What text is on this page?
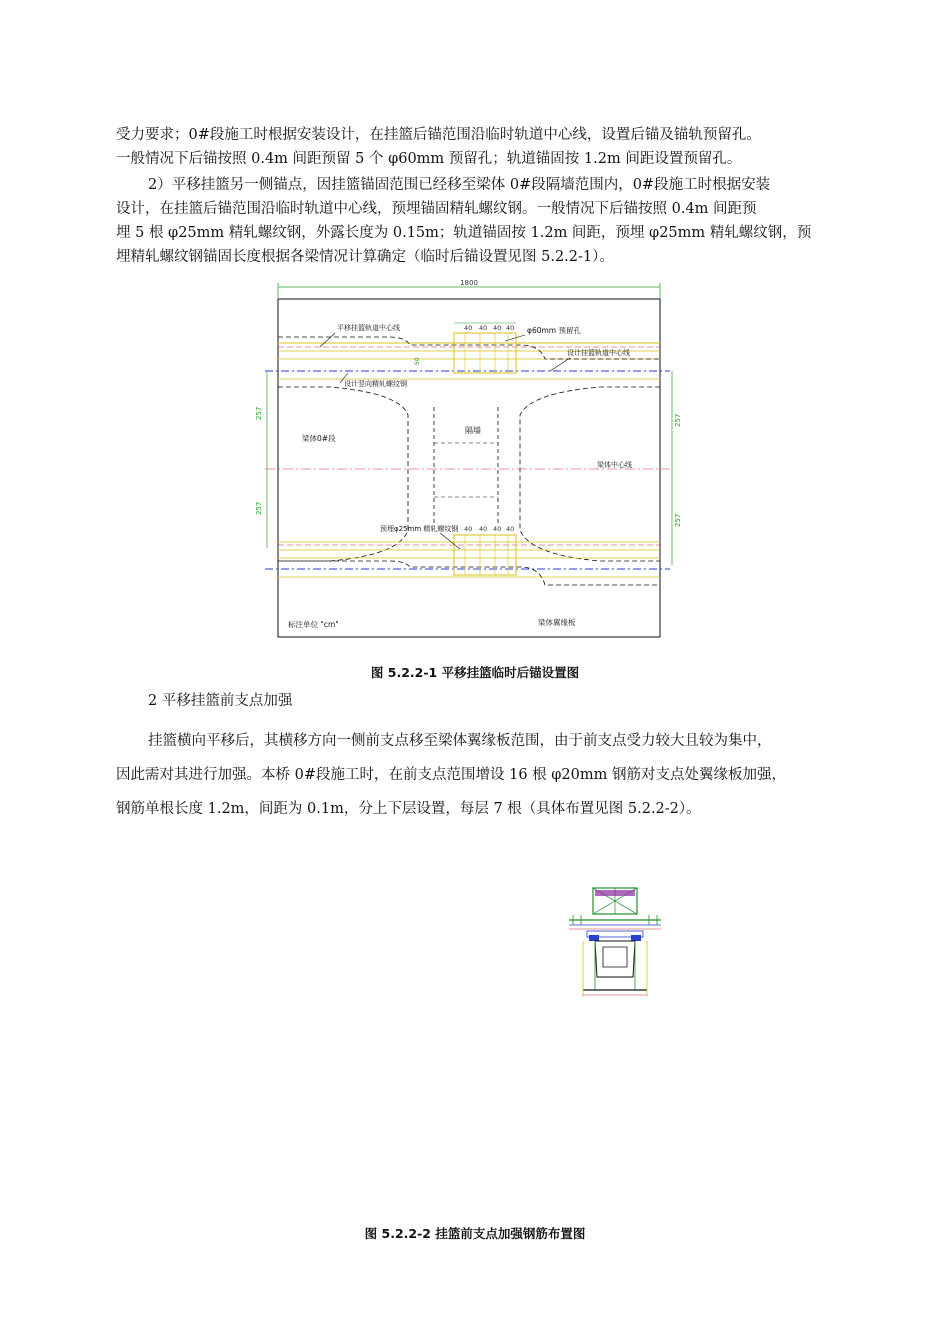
受力要求；0#段施工时根据安装设计，在挂篮后锚范围沿临时轨道中心线，设置后锚及锚轨预留孔。
一般情况下后锚按照 0.4m 间距预留 5 个 φ60mm 预留孔；轨道锚固按 1.2m 间距设置预留孔。
2）平移挂篮另一侧锚点，因挂篮锚固范围已经移至梁体 0#段隔墙范围内，0#段施工时根据安装
设计，在挂篮后锚范围沿临时轨道中心线，预埋锚固精轧螺纹钢。一般情况下后锚按照 0.4m 间距预
埋 5 根 φ25mm 精轧螺纹钢，外露长度为 0.15m；轨道锚固按 1.2m 间距，预埋 φ25mm 精轧螺纹钢，预
埋精轧螺纹钢锚固长度根据各梁情况计算确定（临时后锚设置见图 5.2.2-1）。
1800
40 40 40 40
50
平移挂篮轨道中心线	φ60mm 预留孔
设计挂篮轨道中心线
设计竖向精轧螺纹钢
257
257
257
257
隔墙
梁体0#段
梁体中心线
40 40 40 40
预埋φ25mm 精轧螺纹钢
标注单位 "cm"	梁体翼缘板
图 5.2.2-1 平移挂篮临时后锚设置图
2 平移挂篮前支点加强
挂篮横向平移后，其横移方向一侧前支点移至梁体翼缘板范围，由于前支点受力较大且较为集中，
因此需对其进行加强。本桥 0#段施工时，在前支点范围增设 16 根 φ20mm 钢筋对支点处翼缘板加强，
钢筋单根长度 1.2m，间距为 0.1m，分上下层设置，每层 7 根（具体布置见图 5.2.2-2）。
图 5.2.2-2 挂篮前支点加强钢筋布置图
